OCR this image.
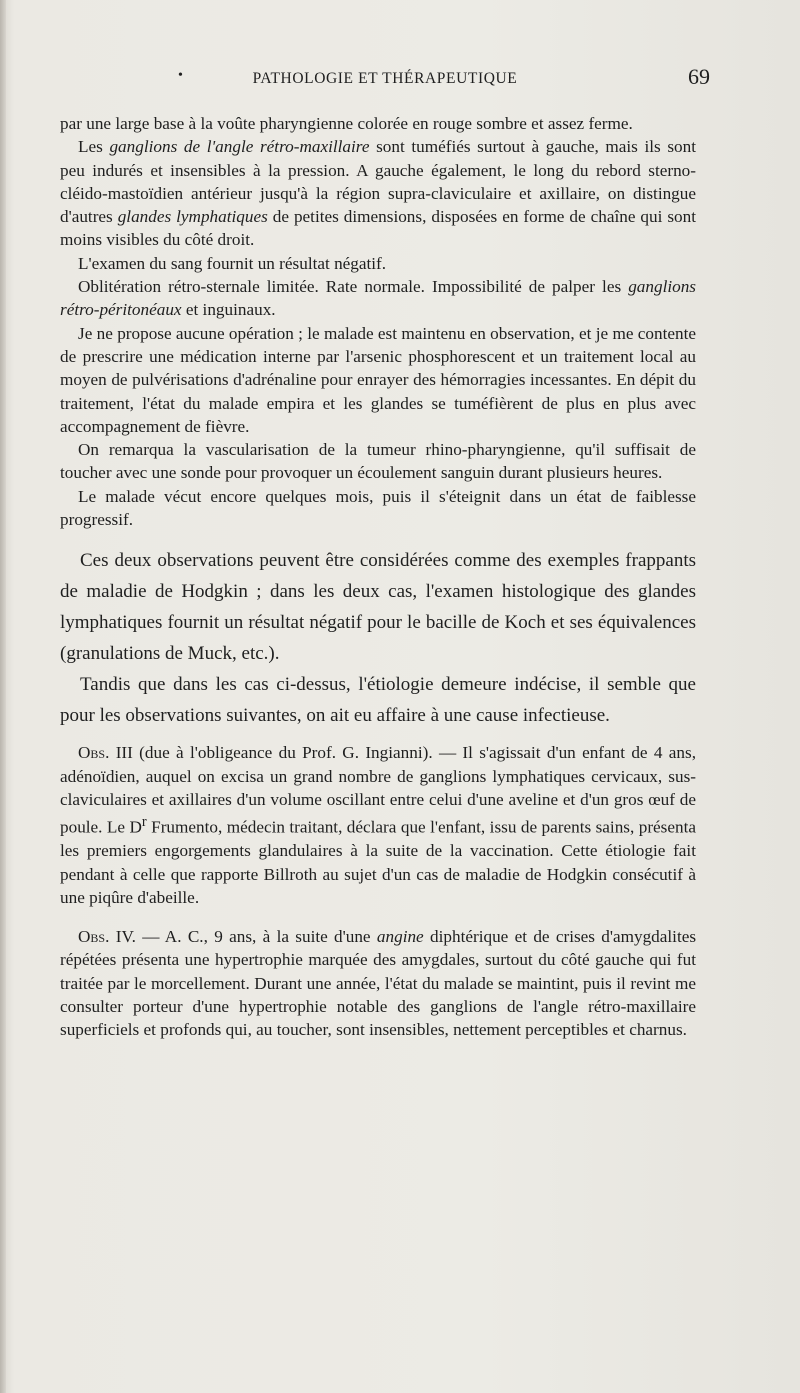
•	PATHOLOGIE ET THÉRAPEUTIQUE	69

par une large base à la voûte pharyngienne colorée en rouge sombre et assez ferme.

Les ganglions de l'angle rétro-maxillaire sont tuméfiés surtout à gauche, mais ils sont peu indurés et insensibles à la pression. A gauche également, le long du rebord sterno-cléido-mastoïdien antérieur jusqu'à la région supra-claviculaire et axillaire, on distingue d'autres glandes lymphatiques de petites dimensions, disposées en forme de chaîne qui sont moins visibles du côté droit.

L'examen du sang fournit un résultat négatif.

Oblitération rétro-sternale limitée. Rate normale. Impossibilité de palper les ganglions rétro-péritonéaux et inguinaux.

Je ne propose aucune opération ; le malade est maintenu en observation, et je me contente de prescrire une médication interne par l'arsenic phosphorescent et un traitement local au moyen de pulvérisations d'adrénaline pour enrayer des hémorragies incessantes. En dépit du traitement, l'état du malade empira et les glandes se tuméfièrent de plus en plus avec accompagnement de fièvre.

On remarqua la vascularisation de la tumeur rhino-pharyngienne, qu'il suffisait de toucher avec une sonde pour provoquer un écoulement sanguin durant plusieurs heures.

Le malade vécut encore quelques mois, puis il s'éteignit dans un état de faiblesse progressif.

Ces deux observations peuvent être considérées comme des exemples frappants de maladie de Hodgkin ; dans les deux cas, l'examen histologique des glandes lymphatiques fournit un résultat négatif pour le bacille de Koch et ses équivalences (granulations de Muck, etc.).

Tandis que dans les cas ci-dessus, l'étiologie demeure indécise, il semble que pour les observations suivantes, on ait eu affaire à une cause infectieuse.

Obs. III (due à l'obligeance du Prof. G. Ingianni). — Il s'agissait d'un enfant de 4 ans, adénoïdien, auquel on excisa un grand nombre de ganglions lymphatiques cervicaux, sus-claviculaires et axillaires d'un volume oscillant entre celui d'une aveline et d'un gros œuf de poule. Le $D^r$ Frumento, médecin traitant, déclara que l'enfant, issu de parents sains, présenta les premiers engorgements glandulaires à la suite de la vaccination. Cette étiologie fait pendant à celle que rapporte Billroth au sujet d'un cas de maladie de Hodgkin consécutif à une piqûre d'abeille.

Obs. IV. — A. C., 9 ans, à la suite d'une angine diphtérique et de crises d'amygdalites répétées présenta une hypertrophie marquée des amygdales, surtout du côté gauche qui fut traitée par le morcellement. Durant une année, l'état du malade se maintint, puis il revint me consulter porteur d'une hypertrophie notable des ganglions de l'angle rétro-maxillaire superficiels et profonds qui, au toucher, sont insensibles, nettement perceptibles et charnus.
